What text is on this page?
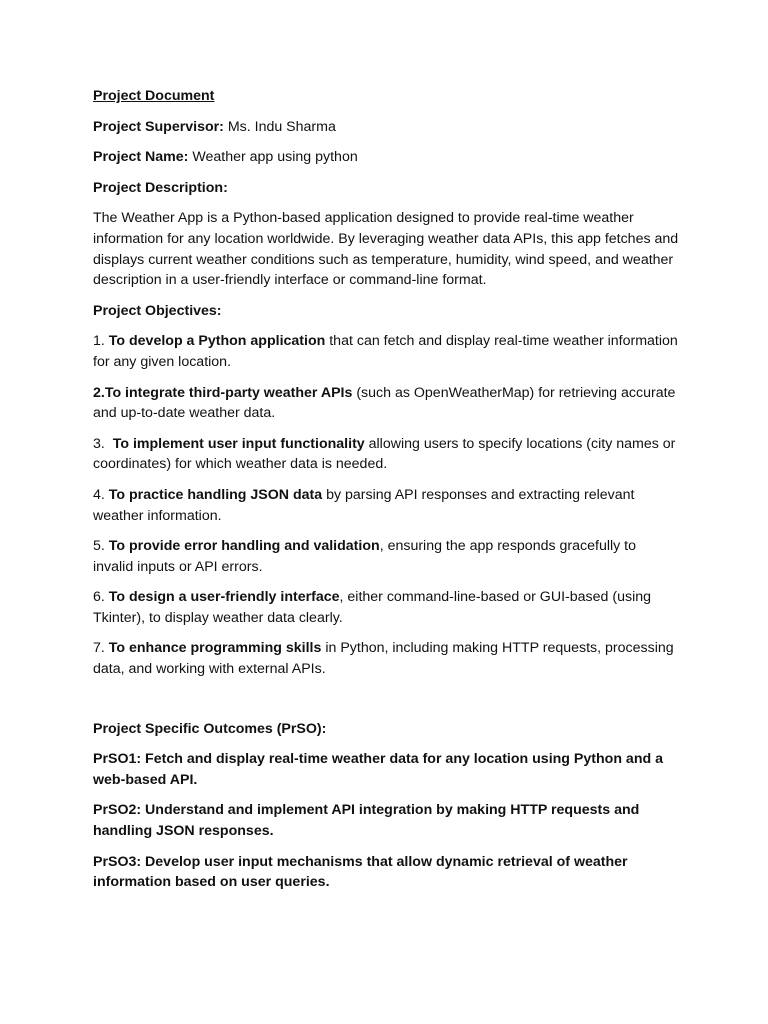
Project Document

Project Supervisor: Ms. Indu Sharma

Project Name: Weather app using python

Project Description:

The Weather App is a Python-based application designed to provide real-time weather information for any location worldwide. By leveraging weather data APIs, this app fetches and displays current weather conditions such as temperature, humidity, wind speed, and weather description in a user-friendly interface or command-line format.

Project Objectives:

1. To develop a Python application that can fetch and display real-time weather information for any given location.

2.To integrate third-party weather APIs (such as OpenWeatherMap) for retrieving accurate and up-to-date weather data.

3.  To implement user input functionality allowing users to specify locations (city names or coordinates) for which weather data is needed.

4. To practice handling JSON data by parsing API responses and extracting relevant weather information.

5. To provide error handling and validation, ensuring the app responds gracefully to invalid inputs or API errors.

6. To design a user-friendly interface, either command-line-based or GUI-based (using Tkinter), to display weather data clearly.

7. To enhance programming skills in Python, including making HTTP requests, processing data, and working with external APIs.

Project Specific Outcomes (PrSO):

PrSO1: Fetch and display real-time weather data for any location using Python and a web-based API.

PrSO2: Understand and implement API integration by making HTTP requests and handling JSON responses.

PrSO3: Develop user input mechanisms that allow dynamic retrieval of weather information based on user queries.
